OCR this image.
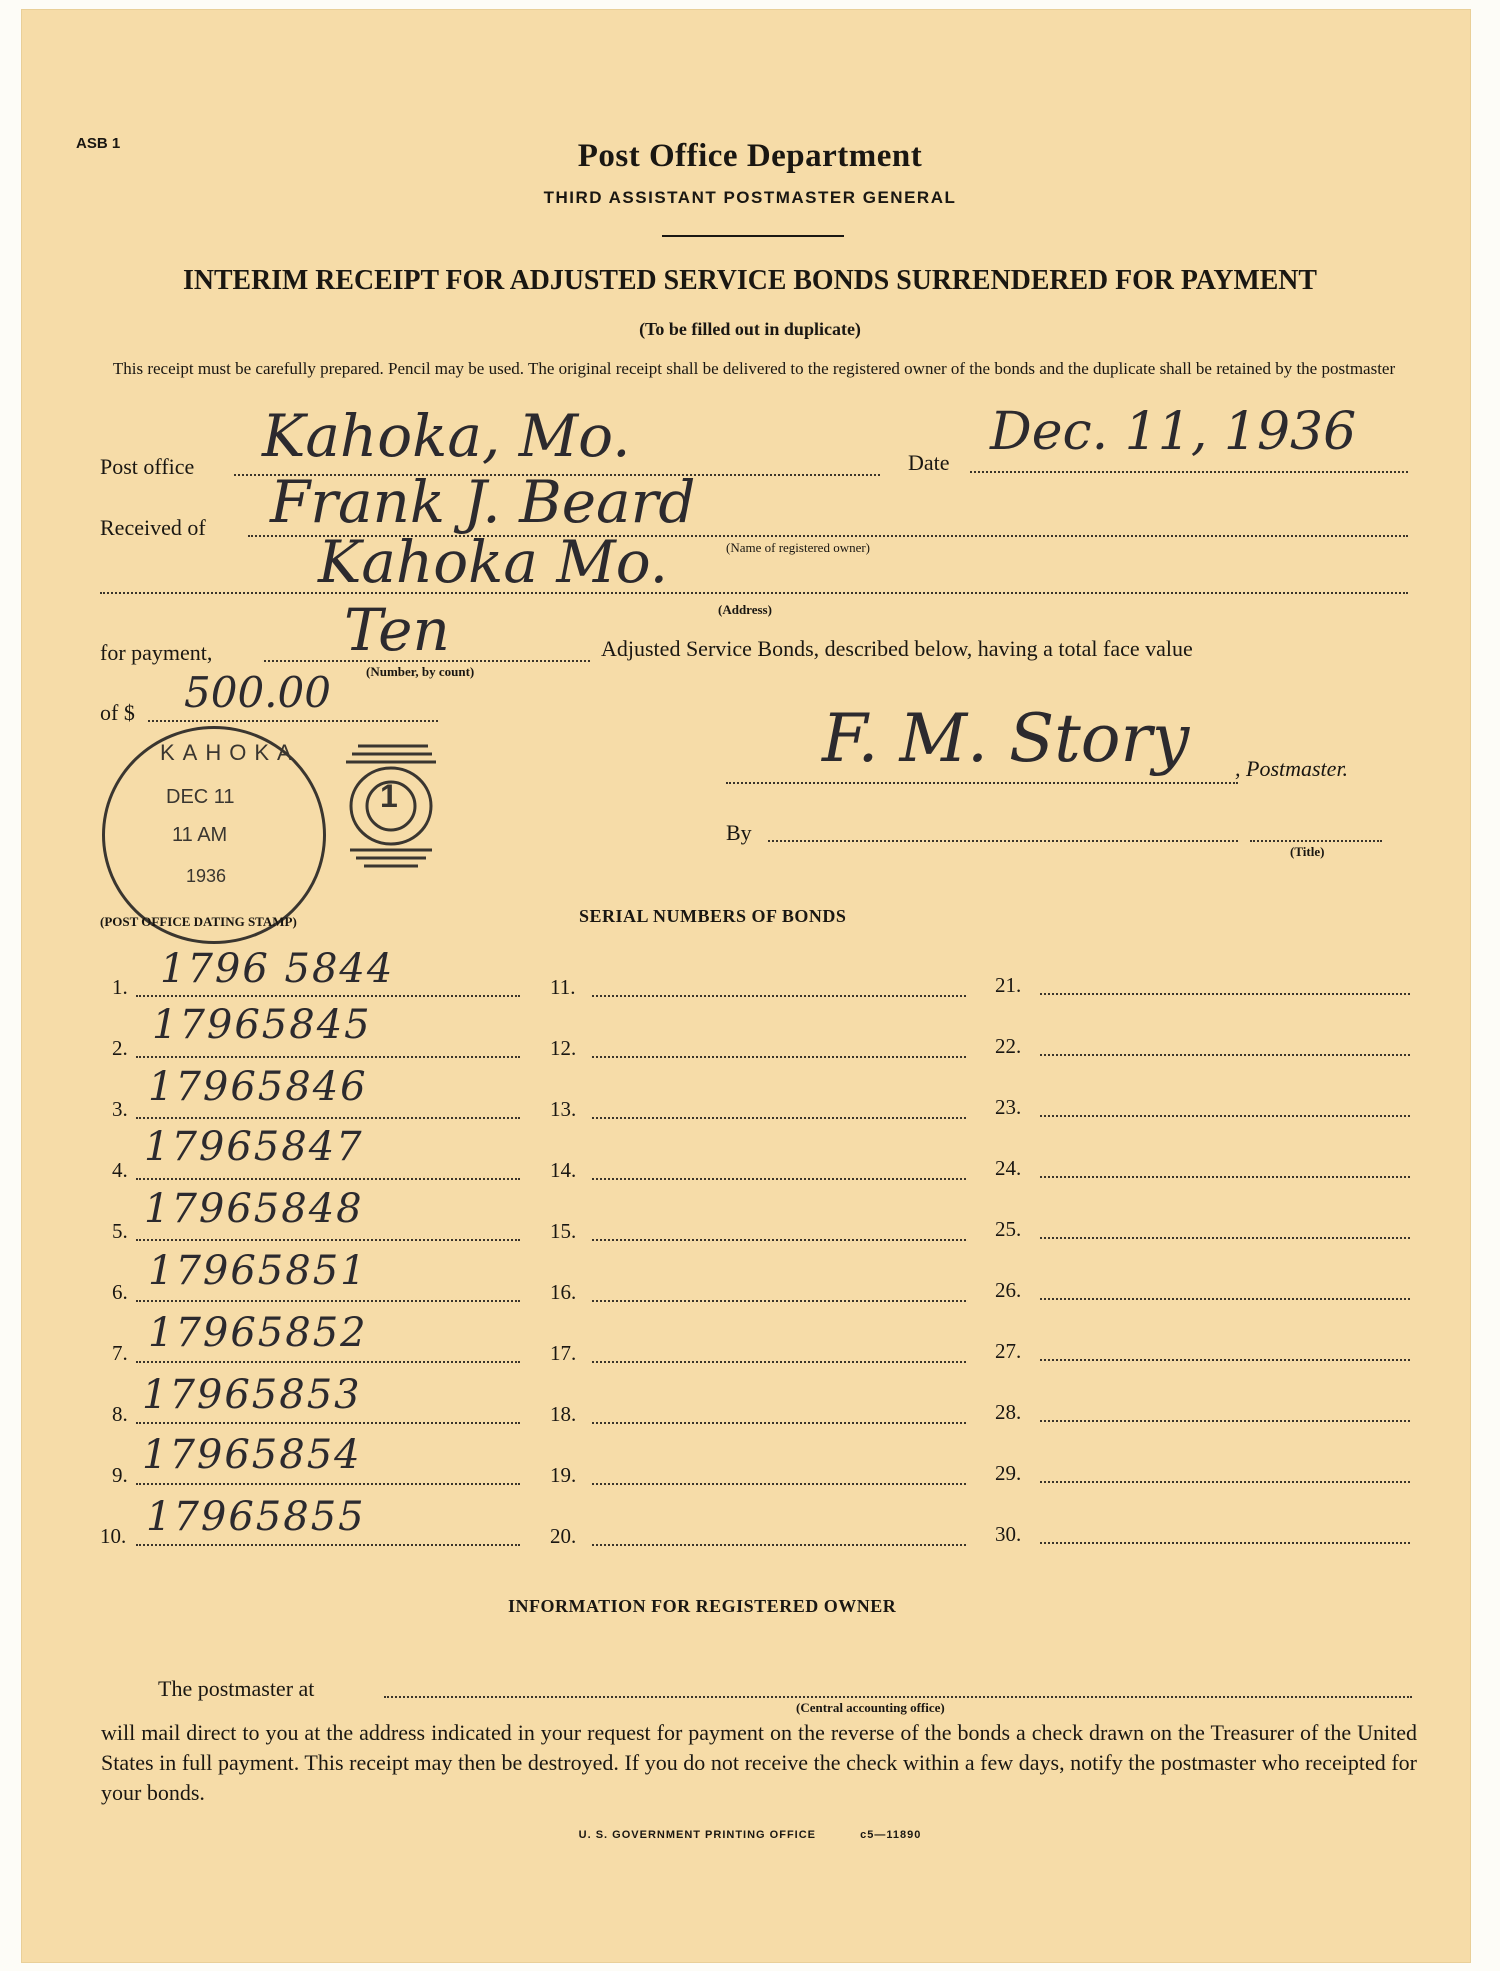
ASB 1	Post Office Department
THIRD ASSISTANT POSTMASTER GENERAL
INTERIM RECEIPT FOR ADJUSTED SERVICE BONDS SURRENDERED FOR PAYMENT
(To be filled out in duplicate)
This receipt must be carefully prepared. Pencil may be used. The original receipt shall be delivered to the registered owner of the bonds and the duplicate shall be retained by the postmaster
Post office Kahoka, Mo.	Date
Dec. 11, 1936
Received of Frank J. Beard
(Name of registered owner)
Kahoka Mo.
(Address)
for payment, Ten
(Number, by count)
Adjusted Service Bonds, described below, having a total face value
of $ 500.00
F. M. Story , Postmaster.
By
(Title)
KAHOKA
DEC 11
11 AM
1936
1
(POST OFFICE DATING STAMP)	SERIAL NUMBERS OF BONDS
1. 1796 5844
2. 17965845
3. 17965846
4. 17965847
5. 17965848
6. 17965851
7. 17965852
8. 17965853
9. 17965854
10. 17965855
11.
12.
13.
14.
15.
16.
17.
18.
19.
20.
21.
22.
23.
24.
25.
26.
27.
28.
29.
30.
INFORMATION FOR REGISTERED OWNER
The postmaster at
(Central accounting office)
will mail direct to you at the address indicated in your request for payment on the reverse of the bonds a check drawn on the Treasurer of the United States in full payment. This receipt may then be destroyed. If you do not receive the check within a few days, notify the postmaster who receipted for your bonds.
U. S. GOVERNMENT PRINTING OFFICE	c5—11890
